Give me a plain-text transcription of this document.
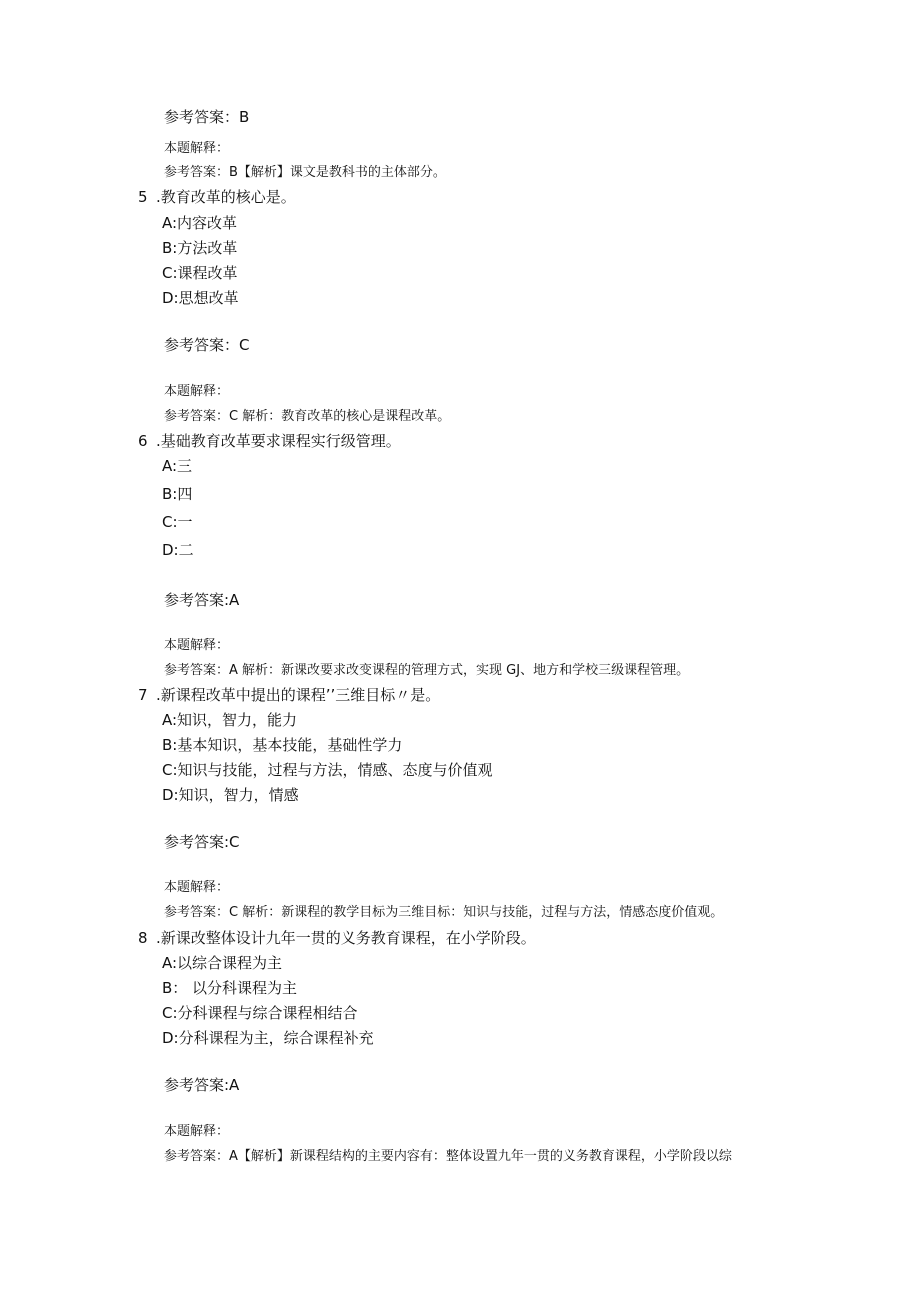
参考答案：B
本题解释：
参考答案：B【解析】课文是教科书的主体部分。
5 .教育改革的核心是。
A:内容改革
B:方法改革
C:课程改革
D:思想改革
参考答案：C
本题解释：
参考答案：C 解析：教育改革的核心是课程改革。
6 .基础教育改革要求课程实行级管理。
A:三
B:四
C:一
D:二
参考答案:A
本题解释：
参考答案：A 解析：新课改要求改变课程的管理方式，实现 GJ、地方和学校三级课程管理。
7 .新课程改革中提出的课程’’三维目标〃是。
A:知识，智力，能力
B:基本知识，基本技能，基础性学力
C:知识与技能，过程与方法，情感、态度与价值观
D:知识，智力，情感
参考答案:C
本题解释：
参考答案：C 解析：新课程的教学目标为三维目标：知识与技能，过程与方法，情感态度价值观。
8 .新课改整体设计九年一贯的义务教育课程，在小学阶段。
A:以综合课程为主
B： 以分科课程为主
C:分科课程与综合课程相结合
D:分科课程为主，综合课程补充
参考答案:A
本题解释：
参考答案：A【解析】新课程结构的主要内容有：整体设置九年一贯的义务教育课程，小学阶段以综
